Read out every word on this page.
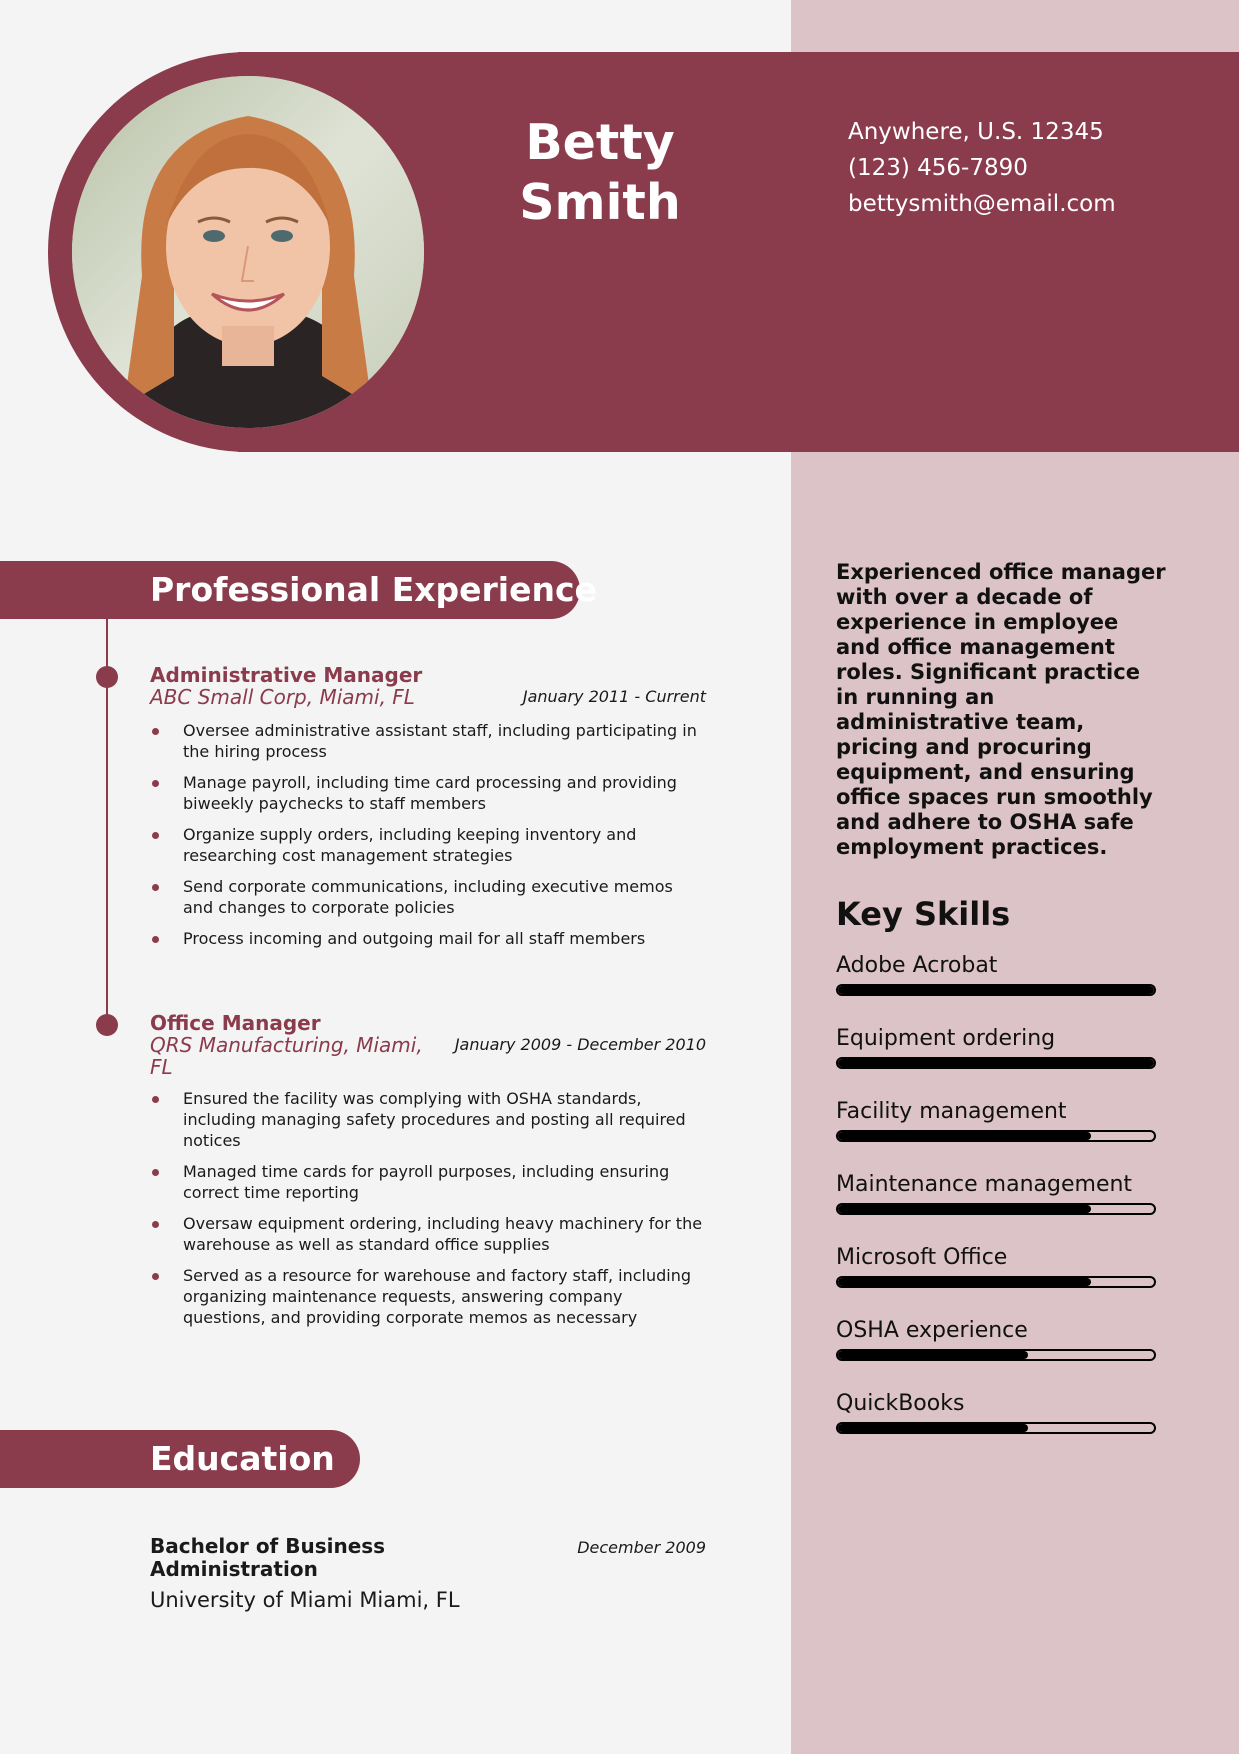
Betty Smith
Anywhere, U.S. 12345
(123) 456-7890
bettysmith@email.com
Professional Experience
Administrative Manager
ABC Small Corp, Miami, FL	January 2011 - Current
Oversee administrative assistant staff, including participating in the hiring process
Manage payroll, including time card processing and providing biweekly paychecks to staff members
Organize supply orders, including keeping inventory and researching cost management strategies
Send corporate communications, including executive memos and changes to corporate policies
Process incoming and outgoing mail for all staff members
Office Manager
QRS Manufacturing, Miami, FL
January 2009 - December 2010
Ensured the facility was complying with OSHA standards, including managing safety procedures and posting all required notices
Managed time cards for payroll purposes, including ensuring correct time reporting
Oversaw equipment ordering, including heavy machinery for the warehouse as well as standard office supplies
Served as a resource for warehouse and factory staff, including organizing maintenance requests, answering company questions, and providing corporate memos as necessary
Education
Bachelor of Business Administration
University of Miami Miami, FL
December 2009

Experienced office manager with over a decade of experience in employee and office management roles. Significant practice in running an administrative team, pricing and procuring equipment, and ensuring office spaces run smoothly and adhere to OSHA safe employment practices.

Key Skills
Adobe Acrobat
Equipment ordering
Facility management
Maintenance management
Microsoft Office
OSHA experience
QuickBooks
